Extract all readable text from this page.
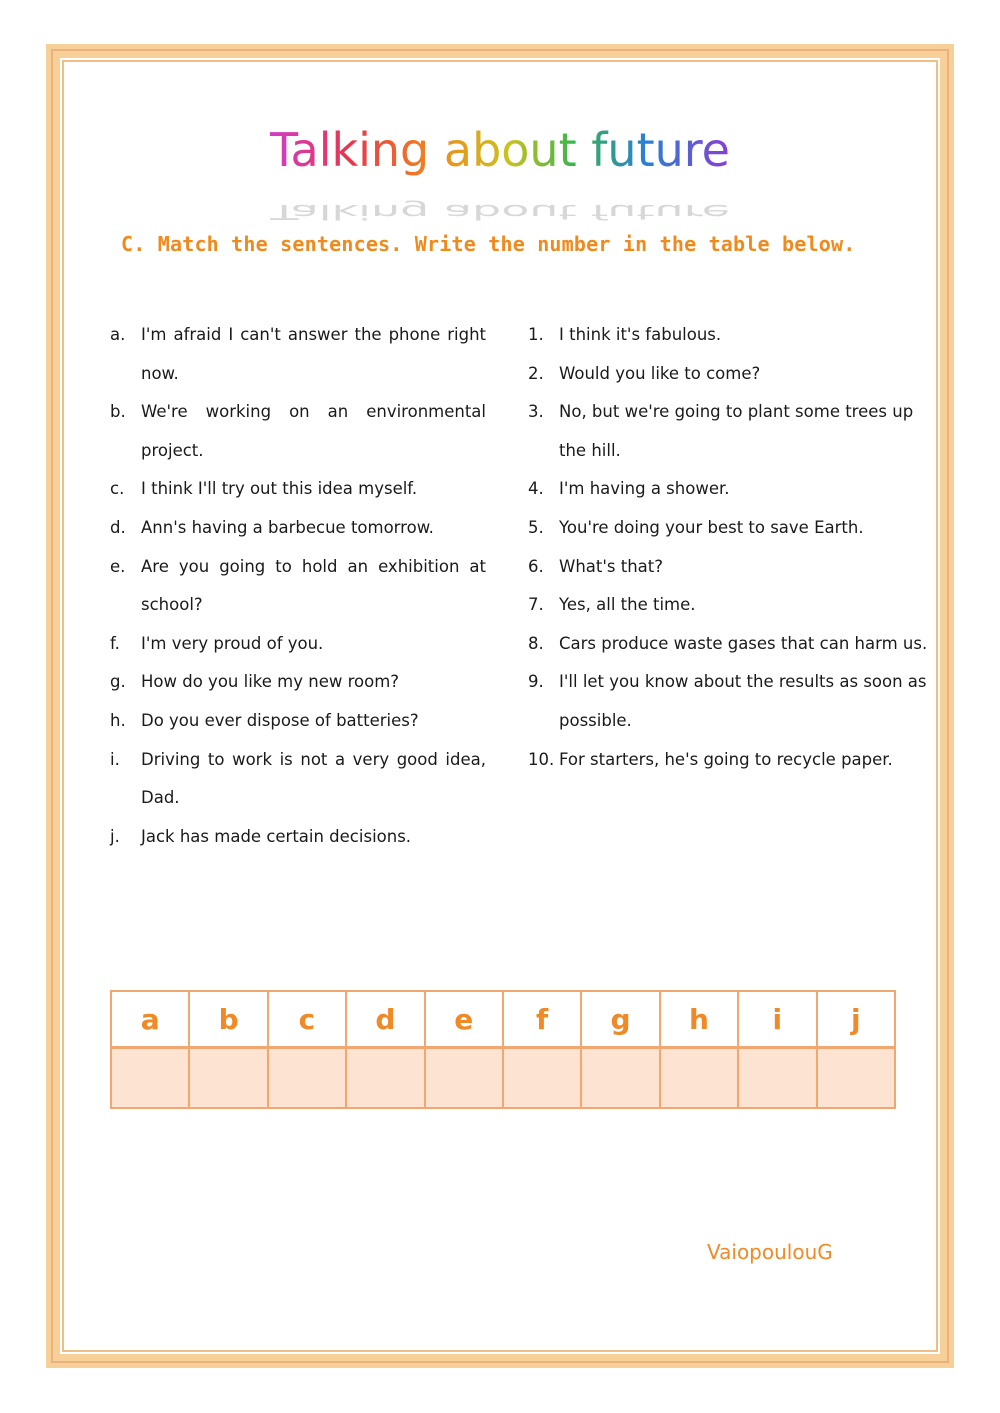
Talking about future
Talking about future
C. Match the sentences. Write the number in the table below.
a. I'm afraid I can't answer the phone right now.
b. We're working on an environmental project.
c.	I think I'll try out this idea myself.
d. Ann's having a barbecue tomorrow.
e. Are you going to hold an exhibition at school?
f.	I'm very proud of you.
g. How do you like my new room?
h. Do you ever dispose of batteries?
i.	Driving to work is not a very good idea, Dad.
j.	Jack has made certain decisions.
1. I think it's fabulous.
2. Would you like to come?
3. No, but we're going to plant some trees up the hill.
4. I'm having a shower.
5. You're doing your best to save Earth.
6. What's that?
7. Yes, all the time.
8. Cars produce waste gases that can harm us.
9. I'll let you know about the results as soon as possible.
10. For starters, he's going to recycle paper.
a	b	c	d	e	f	g	h	i	j

VaiopoulouG
